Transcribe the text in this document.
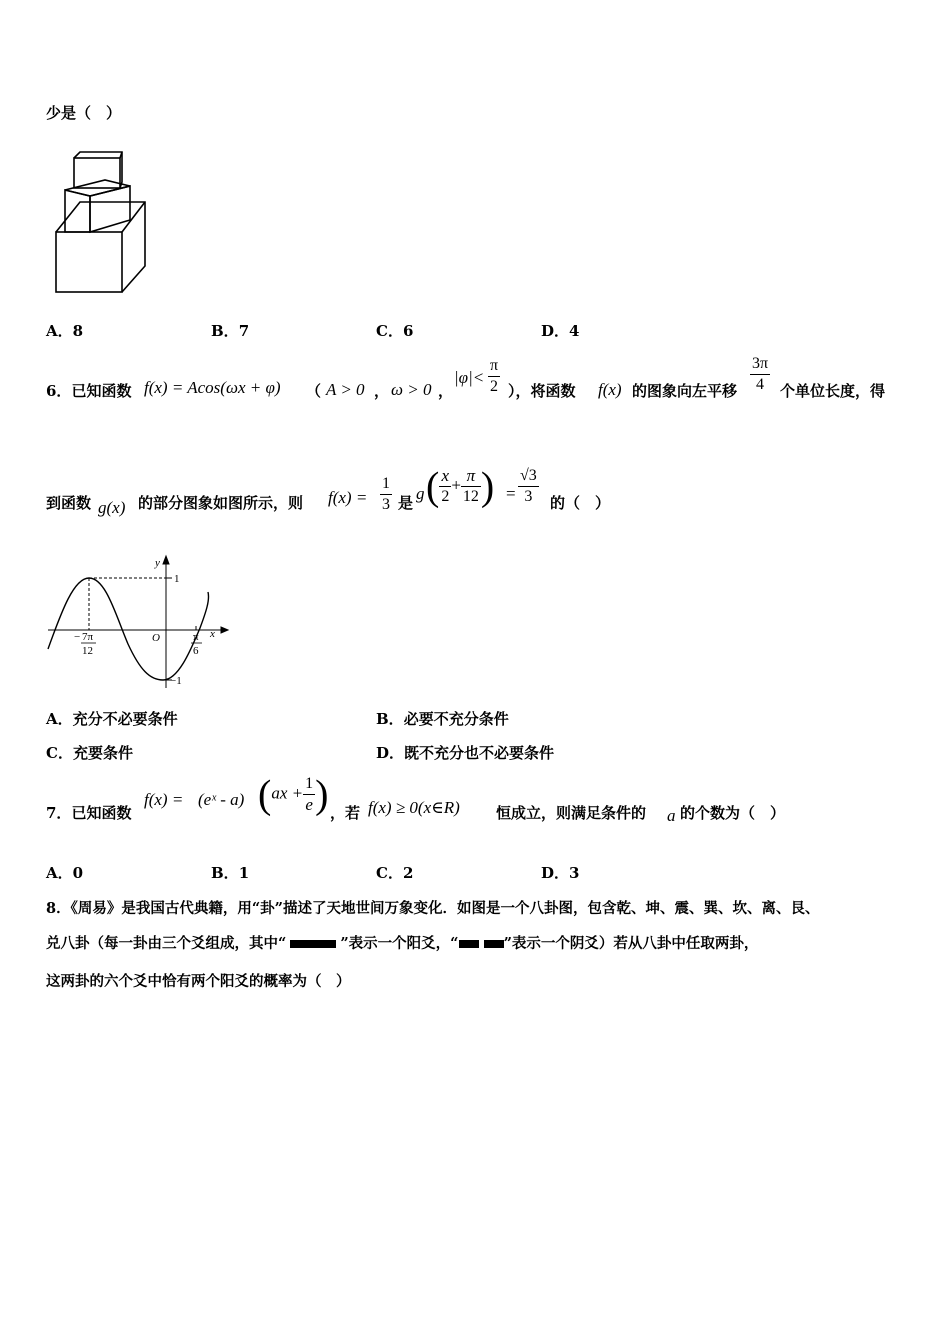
少是（　）
A．8	B．7	C．6	D．4
6．已知函数 f(x) = Acos(ωx + φ) （ A > 0 ， ω > 0 ，
$|\varphi|< \frac{\pi}{2}$ ），将函数 f(x) 的图象向左平移 $\frac{3\pi}{4}$ 个单位长度，得
到函数 g(x) 的部分图象如图所示，则 $f(x) = \frac{1}{3}$ 是 g ( $\frac{x}{2} + \frac{\pi}{12}$ ) = $\frac{√3}{3}$ 的（　）
y
x
O
1
−1
− 7π
12
π
6
A．充分不必要条件	B．必要不充分条件
C．充要条件	D．既不充分也不必要条件
7．已知函数
f(x) = (eˣ - a) ($ax + \frac{1}{e}$ ) ，若 f(x) ≥ 0(x∈R) 恒成立，则满足条件的 a 的个数为（　）
A．0	B．1	C．2	D．3
8．《周易》是我国古代典籍，用“卦”描述了天地世间万象变化．如图是一个八卦图，包含乾、坤、震、巽、坎、离、艮、
兑八卦（每一卦由三个爻组成，其中“	”表示一个阳爻，“	”表示一个阴爻）若从八卦中任取两卦，
这两卦的六个爻中恰有两个阳爻的概率为（　）
